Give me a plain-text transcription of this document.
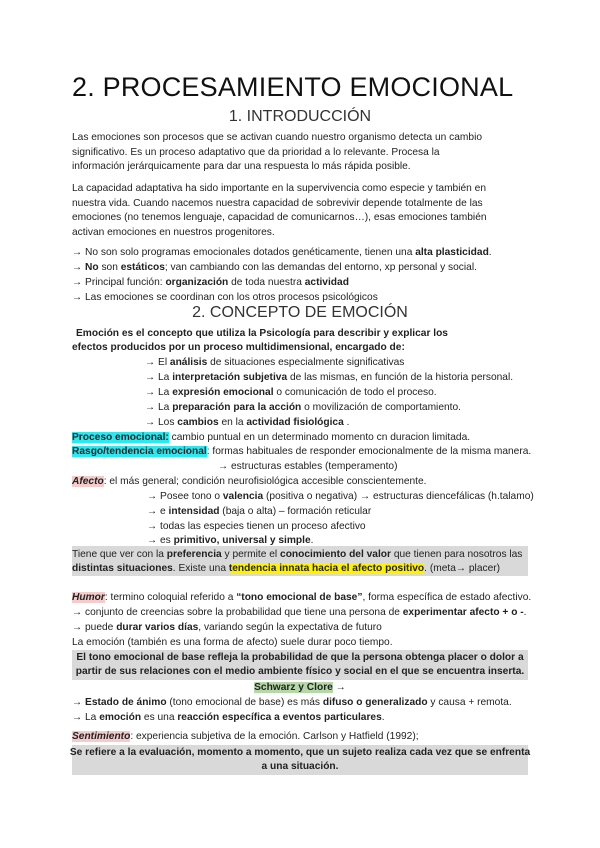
2. PROCESAMIENTO EMOCIONAL
1. INTRODUCCIÓN
Las emociones son procesos que se activan cuando nuestro organismo detecta un cambio
significativo. Es un proceso adaptativo que da prioridad a lo relevante. Procesa la
información jerárquicamente para dar una respuesta lo más rápida posible.
La capacidad adaptativa ha sido importante en la supervivencia como especie y también en
nuestra vida. Cuando nacemos nuestra capacidad de sobrevivir depende totalmente de las
emociones (no tenemos lenguaje, capacidad de comunicarnos…), esas emociones también
activan emociones en nuestros progenitores.
→ No son solo programas emocionales dotados genéticamente, tienen una alta plasticidad.
→ No son estáticos; van cambiando con las demandas del entorno, xp personal y social.
→ Principal función: organización de toda nuestra actividad
→ Las emociones se coordinan con los otros procesos psicológicos
2. CONCEPTO DE EMOCIÓN
Emoción es el concepto que utiliza la Psicología para describir y explicar los
efectos producidos por un proceso multidimensional, encargado de:
→ El análisis de situaciones especialmente significativas
→ La interpretación subjetiva de las mismas, en función de la historia personal.
→ La expresión emocional o comunicación de todo el proceso.
→ La preparación para la acción o movilización de comportamiento.
→ Los cambios en la actividad fisiológica .
Proceso emocional: cambio puntual en un determinado momento cn duracion limitada.
Rasgo/tendencia emocional: formas habituales de responder emocionalmente de la misma manera.
→ estructuras estables (temperamento)
Afecto: el más general; condición neurofisiológica accesible conscientemente.
→ Posee tono o valencia (positiva o negativa) → estructuras diencefálicas (h.talamo)
→ e intensidad (baja o alta) – formación reticular
→ todas las especies tienen un proceso afectivo
→ es primitivo, universal y simple.
Tiene que ver con la preferencia y permite el conocimiento del valor que tienen para nosotros las
distintas situaciones. Existe una tendencia innata hacia el afecto positivo. (meta→ placer)
Humor: termino coloquial referido a “tono emocional de base”, forma específica de estado afectivo.
→ conjunto de creencias sobre la probabilidad que tiene una persona de experimentar afecto + o -.
→ puede durar varios días, variando según la expectativa de futuro
La emoción (también es una forma de afecto) suele durar poco tiempo.
El tono emocional de base refleja la probabilidad de que la persona obtenga placer o dolor a
partir de sus relaciones con el medio ambiente físico y social en el que se encuentra inserta.
Schwarz y Clore →
→ Estado de ánimo (tono emocional de base) es más difuso o generalizado y causa + remota.
→ La emoción es una reacción específica a eventos particulares.
Sentimiento: experiencia subjetiva de la emoción. Carlson y Hatfield (1992);
Se refiere a la evaluación, momento a momento, que un sujeto realiza cada vez que se enfrenta
a una situación.
